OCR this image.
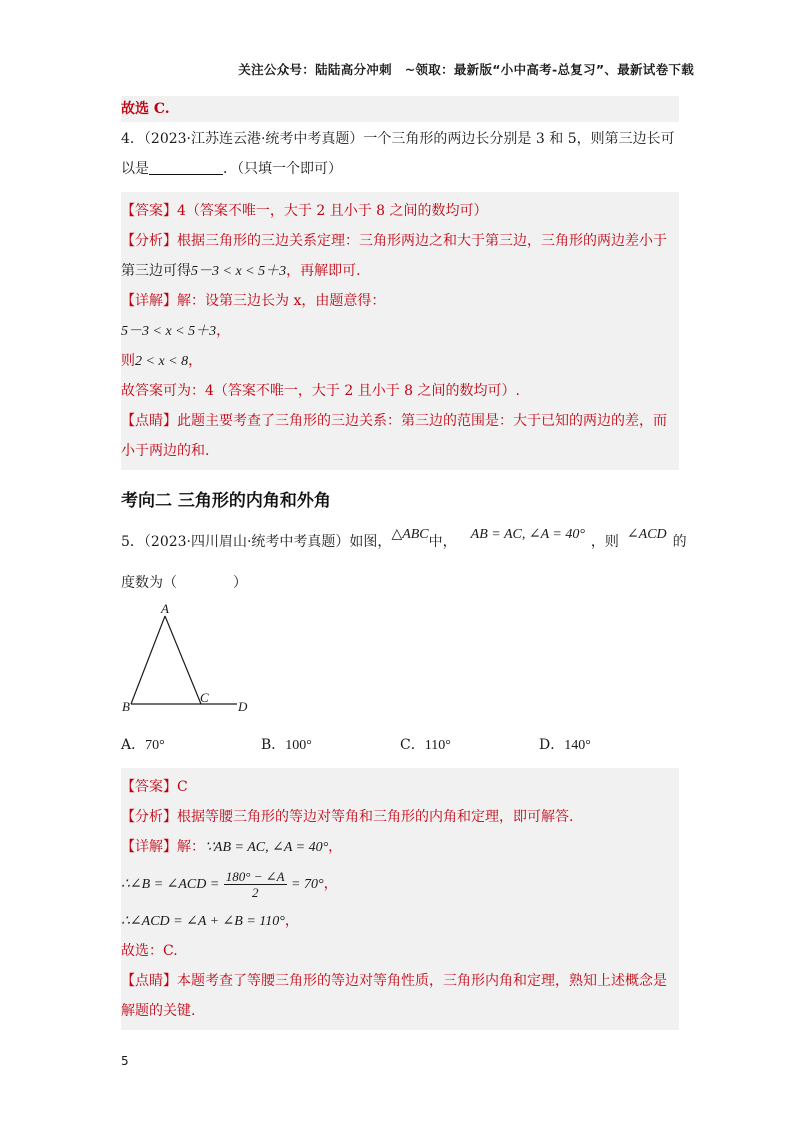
关注公众号：陆陆高分冲刺　~领取：最新版“小中高考-总复习”、最新试卷下载
故选 C.
4．（2023·江苏连云港·统考中考真题）一个三角形的两边长分别是 3 和 5，则第三边长可
以是	．（只填一个即可）
【答案】4（答案不唯一，大于 2 且小于 8 之间的数均可）
【分析】根据三角形的三边关系定理：三角形两边之和大于第三边，三角形的两边差小于
第三边可得5－3 < x < 5＋3，再解即可.
【详解】解：设第三边长为 x，由题意得：
5－3 < x < 5＋3，
则2 < x < 8，
故答案可为：4（答案不唯一，大于 2 且小于 8 之间的数均可）.
【点睛】此题主要考查了三角形的三边关系：第三边的范围是：大于已知的两边的差，而
小于两边的和.
考向二 三角形的内角和外角
5．（2023·四川眉山·统考中考真题）如图，△ABC中， AB = AC, ∠A = 40° ，则 ∠ACD 的
度数为（　　　　）
A
B
C
D
A．70°	B．100°	C．110°	D．140°
【答案】C
【分析】根据等腰三角形的等边对等角和三角形的内角和定理，即可解答.
【详解】解：∵AB = AC, ∠A = 40°，
∴∠B = ∠ACD = $\frac{180^\circ - \angle A}{2} = 70^\circ$，
∴∠ACD = ∠A + ∠B = 110°，
故选：C.
【点睛】本题考查了等腰三角形的等边对等角性质，三角形内角和定理，熟知上述概念是
解题的关键.
5
